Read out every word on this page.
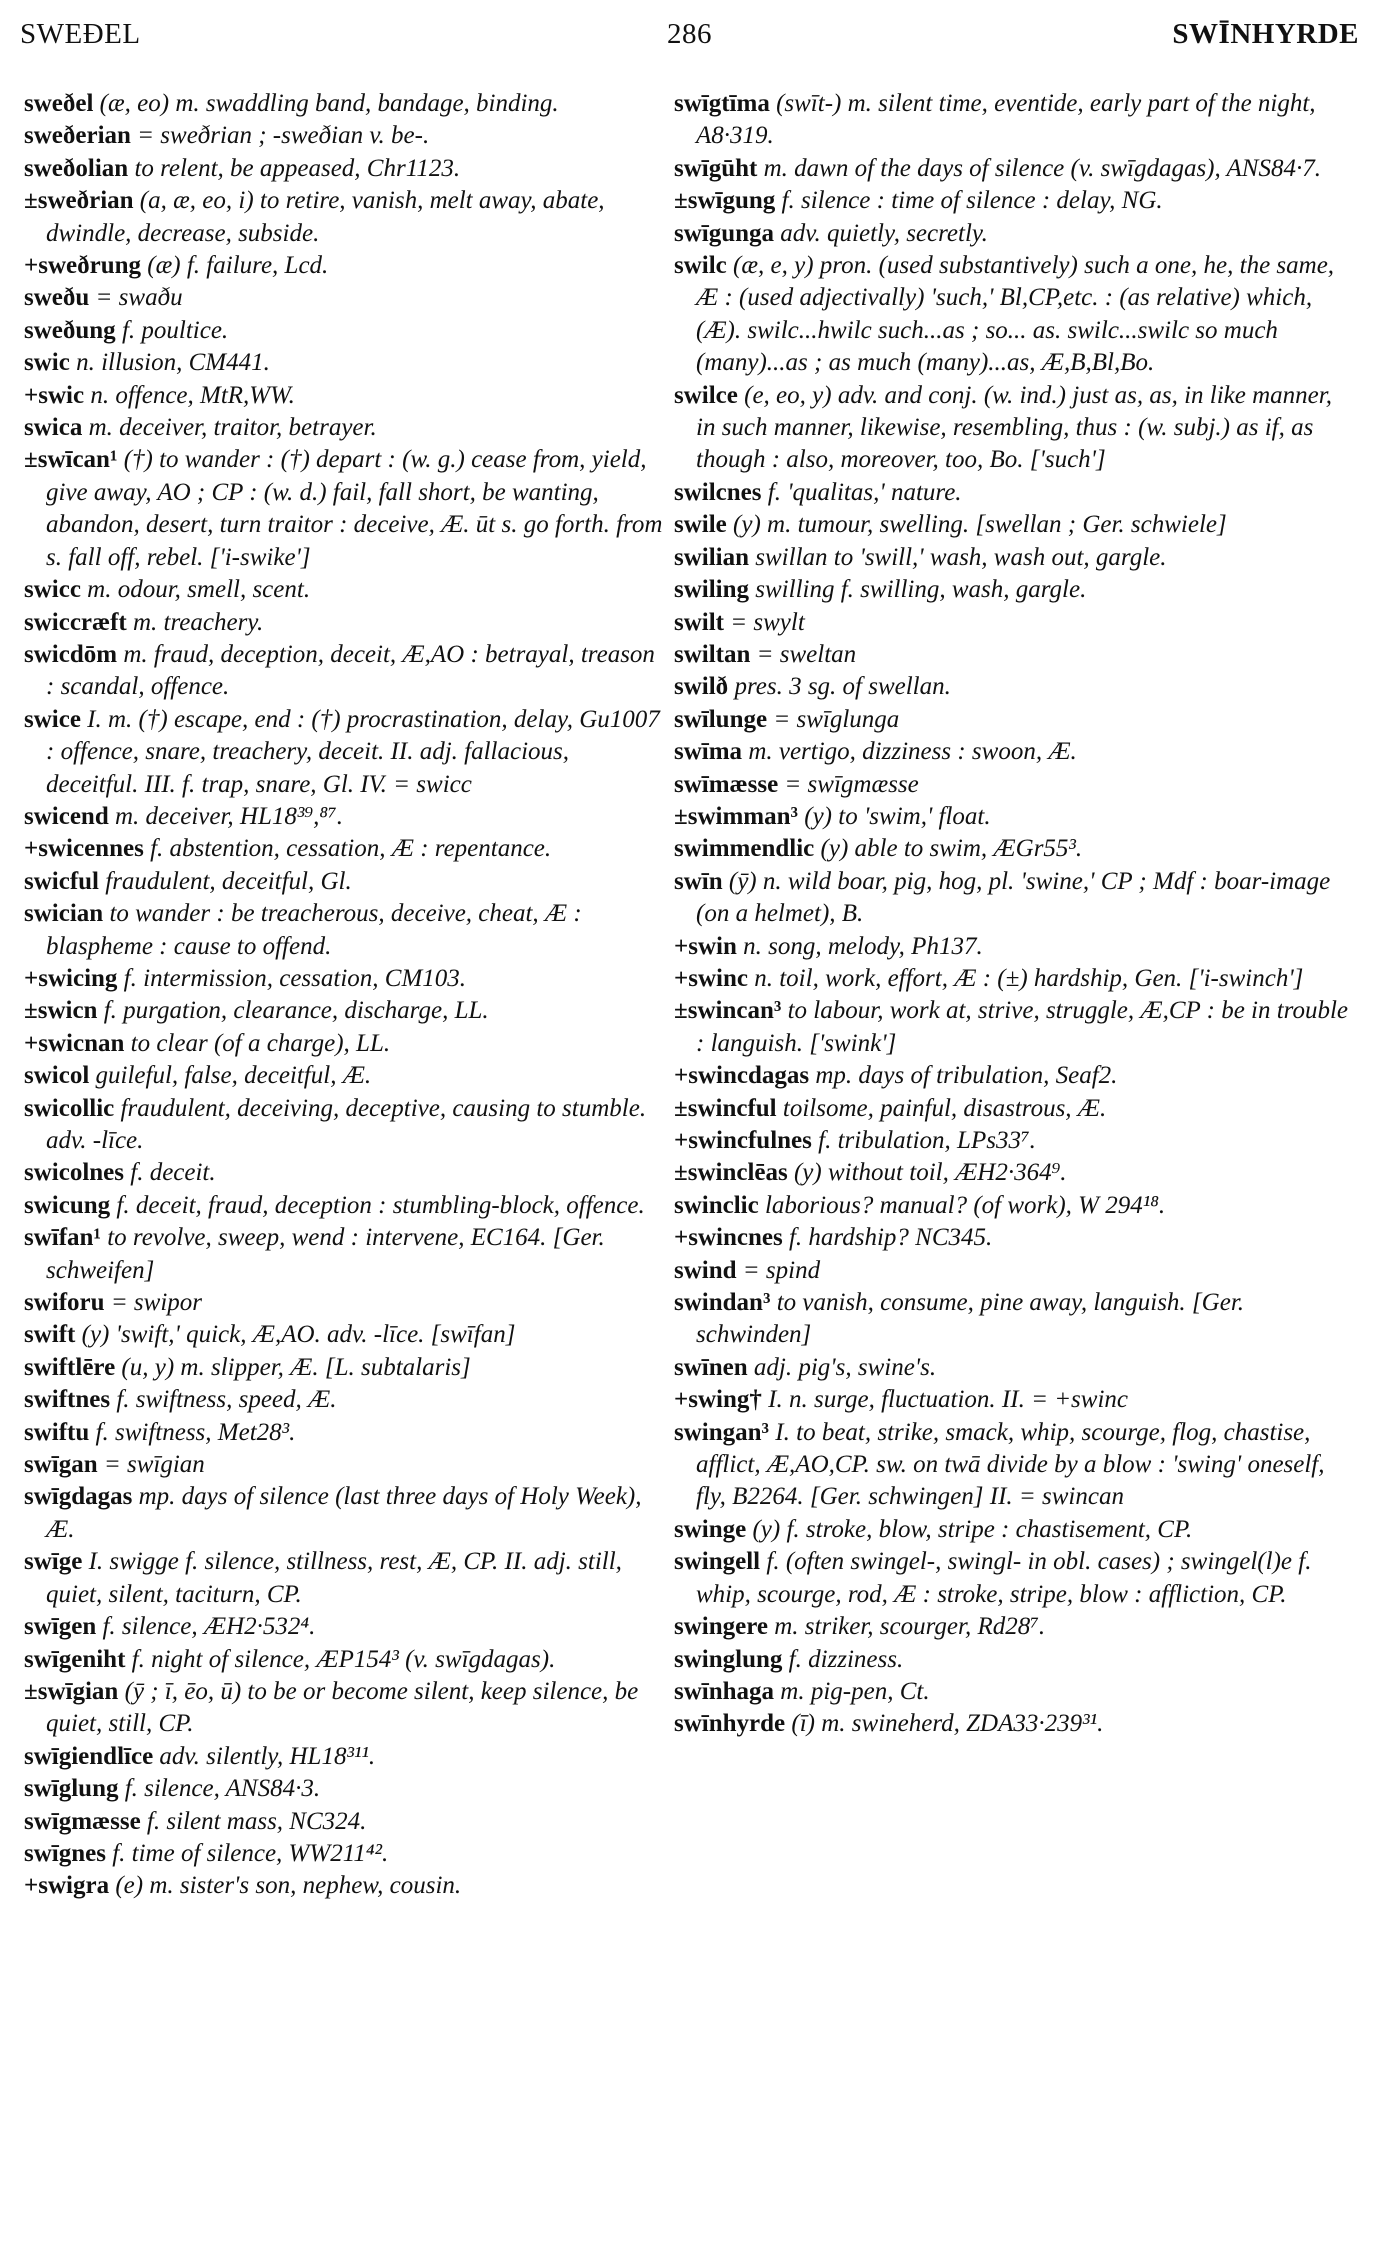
SWEÐEL	286	SWĪNHYRDE

sweðel (æ, eo) m. swaddling band, bandage, binding.

sweðerian = sweðrian ; -sweðian v. be-.

sweðolian to relent, be appeased, Chr1123.

±sweðrian (a, æ, eo, i) to retire, vanish, melt away, abate, dwindle, decrease, subside.

+sweðrung (æ) f. failure, Lcd.

sweðu = swaðu

sweðung f. poultice.

swic n. illusion, CM441.

+swic n. offence, MtR,WW.

swica m. deceiver, traitor, betrayer.

±swīcan¹ (†) to wander : (†) depart : (w. g.) cease from, yield, give away, AO ; CP : (w. d.) fail, fall short, be wanting, abandon, desert, turn traitor : deceive, Æ. ūt s. go forth. from s. fall off, rebel. ['i-swike']

swicc m. odour, smell, scent.

swiccræft m. treachery.

swicdōm m. fraud, deception, deceit, Æ,AO : betrayal, treason : scandal, offence.

swice I. m. (†) escape, end : (†) procrastination, delay, Gu1007 : offence, snare, treachery, deceit. II. adj. fallacious, deceitful. III. f. trap, snare, Gl. IV. = swicc

swicend m. deceiver, HL18³⁹,⁸⁷.

+swicennes f. abstention, cessation, Æ : repentance.

swicful fraudulent, deceitful, Gl.

swician to wander : be treacherous, deceive, cheat, Æ : blaspheme : cause to offend.

+swicing f. intermission, cessation, CM103.

±swicn f. purgation, clearance, discharge, LL.

+swicnan to clear (of a charge), LL.

swicol guileful, false, deceitful, Æ.

swicollic fraudulent, deceiving, deceptive, causing to stumble. adv. -līce.

swicolnes f. deceit.

swicung f. deceit, fraud, deception : stumbling-block, offence.

swīfan¹ to revolve, sweep, wend : intervene, EC164. [Ger. schweifen]

swiforu = swipor

swift (y) 'swift,' quick, Æ,AO. adv. -līce. [swīfan]

swiftlēre (u, y) m. slipper, Æ. [L. subtalaris]

swiftnes f. swiftness, speed, Æ.

swiftu f. swiftness, Met28³.

swīgan = swīgian

swīgdagas mp. days of silence (last three days of Holy Week), Æ.

swīge I. swigge f. silence, stillness, rest, Æ, CP. II. adj. still, quiet, silent, taciturn, CP.

swīgen f. silence, ÆH2·532⁴.

swīgeniht f. night of silence, ÆP154³ (v. swīgdagas).

±swīgian (ȳ ; ī, ēo, ū) to be or become silent, keep silence, be quiet, still, CP.

swīgiendlīce adv. silently, HL18³¹¹.

swīglung f. silence, ANS84·3.

swīgmæsse f. silent mass, NC324.

swīgnes f. time of silence, WW211⁴².

+swigra (e) m. sister's son, nephew, cousin.

swīgtīma (swīt-) m. silent time, eventide, early part of the night, A8·319.

swīgūht m. dawn of the days of silence (v. swīgdagas), ANS84·7.

±swīgung f. silence : time of silence : delay, NG.

swīgunga adv. quietly, secretly.

swilc (æ, e, y) pron. (used substantively) such a one, he, the same, Æ : (used adjectivally) 'such,' Bl,CP,etc. : (as relative) which, (Æ). swilc...hwilc such...as ; so... as. swilc...swilc so much (many)...as ; as much (many)...as, Æ,B,Bl,Bo.

swilce (e, eo, y) adv. and conj. (w. ind.) just as, as, in like manner, in such manner, likewise, resembling, thus : (w. subj.) as if, as though : also, moreover, too, Bo. ['such']

swilcnes f. 'qualitas,' nature.

swile (y) m. tumour, swelling. [swellan ; Ger. schwiele]

swilian swillan to 'swill,' wash, wash out, gargle.

swiling swilling f. swilling, wash, gargle.

swilt = swylt

swiltan = sweltan

swilð pres. 3 sg. of swellan.

swīlunge = swīglunga

swīma m. vertigo, dizziness : swoon, Æ.

swīmæsse = swīgmæsse

±swimman³ (y) to 'swim,' float.

swimmendlic (y) able to swim, ÆGr55³.

swīn (ȳ) n. wild boar, pig, hog, pl. 'swine,' CP ; Mdf : boar-image (on a helmet), B.

+swin n. song, melody, Ph137.

+swinc n. toil, work, effort, Æ : (±) hardship, Gen. ['i-swinch']

±swincan³ to labour, work at, strive, struggle, Æ,CP : be in trouble : languish. ['swink']

+swincdagas mp. days of tribulation, Seaf2.

±swincful toilsome, painful, disastrous, Æ.

+swincfulnes f. tribulation, LPs33⁷.

±swinclēas (y) without toil, ÆH2·364⁹.

swinclic laborious? manual? (of work), W 294¹⁸.

+swincnes f. hardship? NC345.

swind = spind

swindan³ to vanish, consume, pine away, languish. [Ger. schwinden]

swīnen adj. pig's, swine's.

+swing† I. n. surge, fluctuation. II. = +swinc

swingan³ I. to beat, strike, smack, whip, scourge, flog, chastise, afflict, Æ,AO,CP. sw. on twā divide by a blow : 'swing' oneself, fly, B2264. [Ger. schwingen] II. = swincan

swinge (y) f. stroke, blow, stripe : chastisement, CP.

swingell f. (often swingel-, swingl- in obl. cases) ; swingel(l)e f. whip, scourge, rod, Æ : stroke, stripe, blow : affliction, CP.

swingere m. striker, scourger, Rd28⁷.

swinglung f. dizziness.

swīnhaga m. pig-pen, Ct.

swīnhyrde (ī) m. swineherd, ZDA33·239³¹.
